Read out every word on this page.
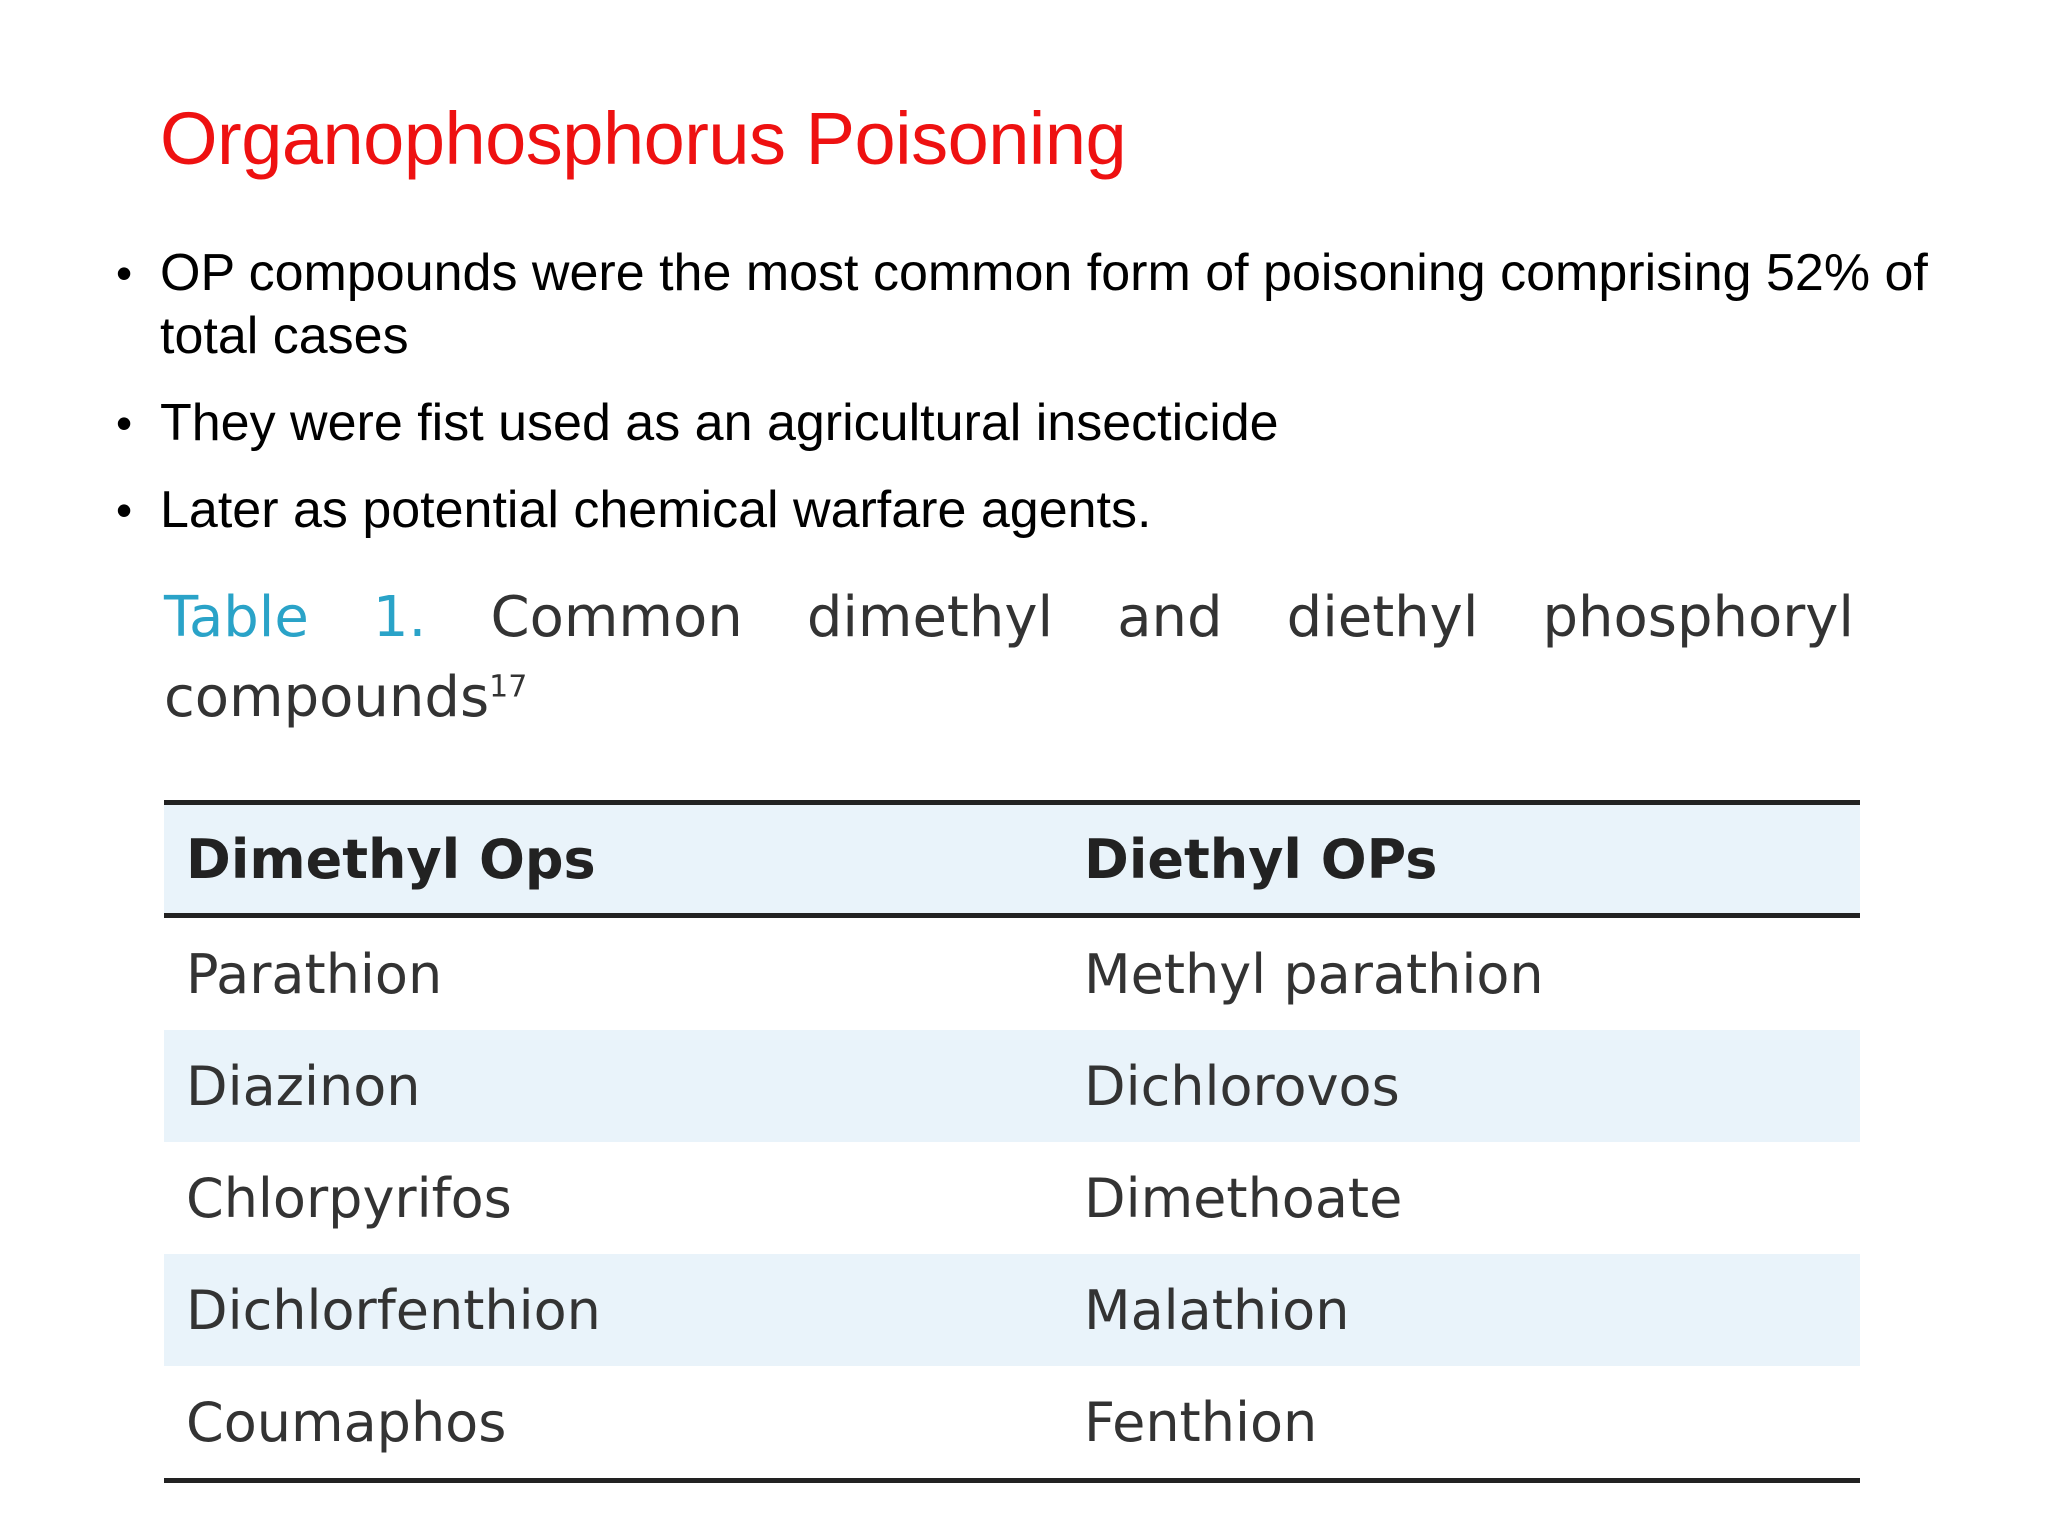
Organophosphorus Poisoning
• OP compounds were the most common form of poisoning comprising 52% of total cases
• They were fist used as an agricultural insecticide
• Later as potential chemical warfare agents.
Table 1. Common dimethyl and diethyl phosphoryl compounds$^{17}$
Dimethyl Ops	Diethyl OPs
Parathion	Methyl parathion
Diazinon	Dichlorovos
Chlorpyrifos	Dimethoate
Dichlorfenthion	Malathion
Coumaphos	Fenthion
